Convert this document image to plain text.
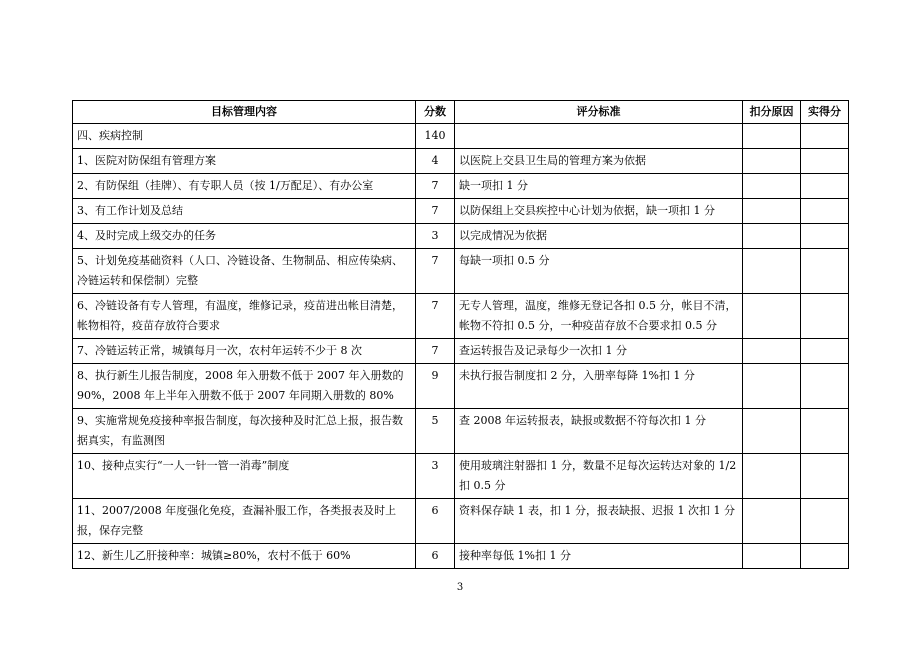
目标管理内容	分数	评分标准	扣分原因	实得分
四、疾病控制	140			
1、医院对防保组有管理方案	4	以医院上交县卫生局的管理方案为依据		
2、有防保组（挂牌）、有专职人员（按 1/万配足）、有办公室	7	缺一项扣 1 分		
3、有工作计划及总结	7	以防保组上交县疾控中心计划为依据，缺一项扣 1 分		
4、及时完成上级交办的任务	3	以完成情况为依据		
5、计划免疫基础资料（人口、冷链设备、生物制品、相应传染病、冷链运转和保偿制）完整	7	每缺一项扣 0.5 分		
6、冷链设备有专人管理，有温度，维修记录，疫苗进出帐目清楚，帐物相符，疫苗存放符合要求	7	无专人管理，温度，维修无登记各扣 0.5 分，帐目不清，帐物不符扣 0.5 分，一种疫苗存放不合要求扣 0.5 分		
7、冷链运转正常，城镇每月一次，农村年运转不少于 8 次	7	查运转报告及记录每少一次扣 1 分		
8、执行新生儿报告制度，2008 年入册数不低于 2007 年入册数的 90%，2008 年上半年入册数不低于 2007 年同期入册数的 80%	9	未执行报告制度扣 2 分，入册率每降 1%扣 1 分		
9、实施常规免疫接种率报告制度，每次接种及时汇总上报，报告数据真实，有监测图	5	查 2008 年运转报表，缺报或数据不符每次扣 1 分		
10、接种点实行“一人一针一管一消毒”制度	3	使用玻璃注射器扣 1 分，数量不足每次运转达对象的 1/2 扣 0.5 分		
11、2007/2008 年度强化免疫，查漏补服工作，各类报表及时上报，保存完整	6	资料保存缺 1 表，扣 1 分，报表缺报、迟报 1 次扣 1 分		
12、新生儿乙肝接种率：城镇≥80%，农村不低于 60%	6	接种率每低 1%扣 1 分		
3
